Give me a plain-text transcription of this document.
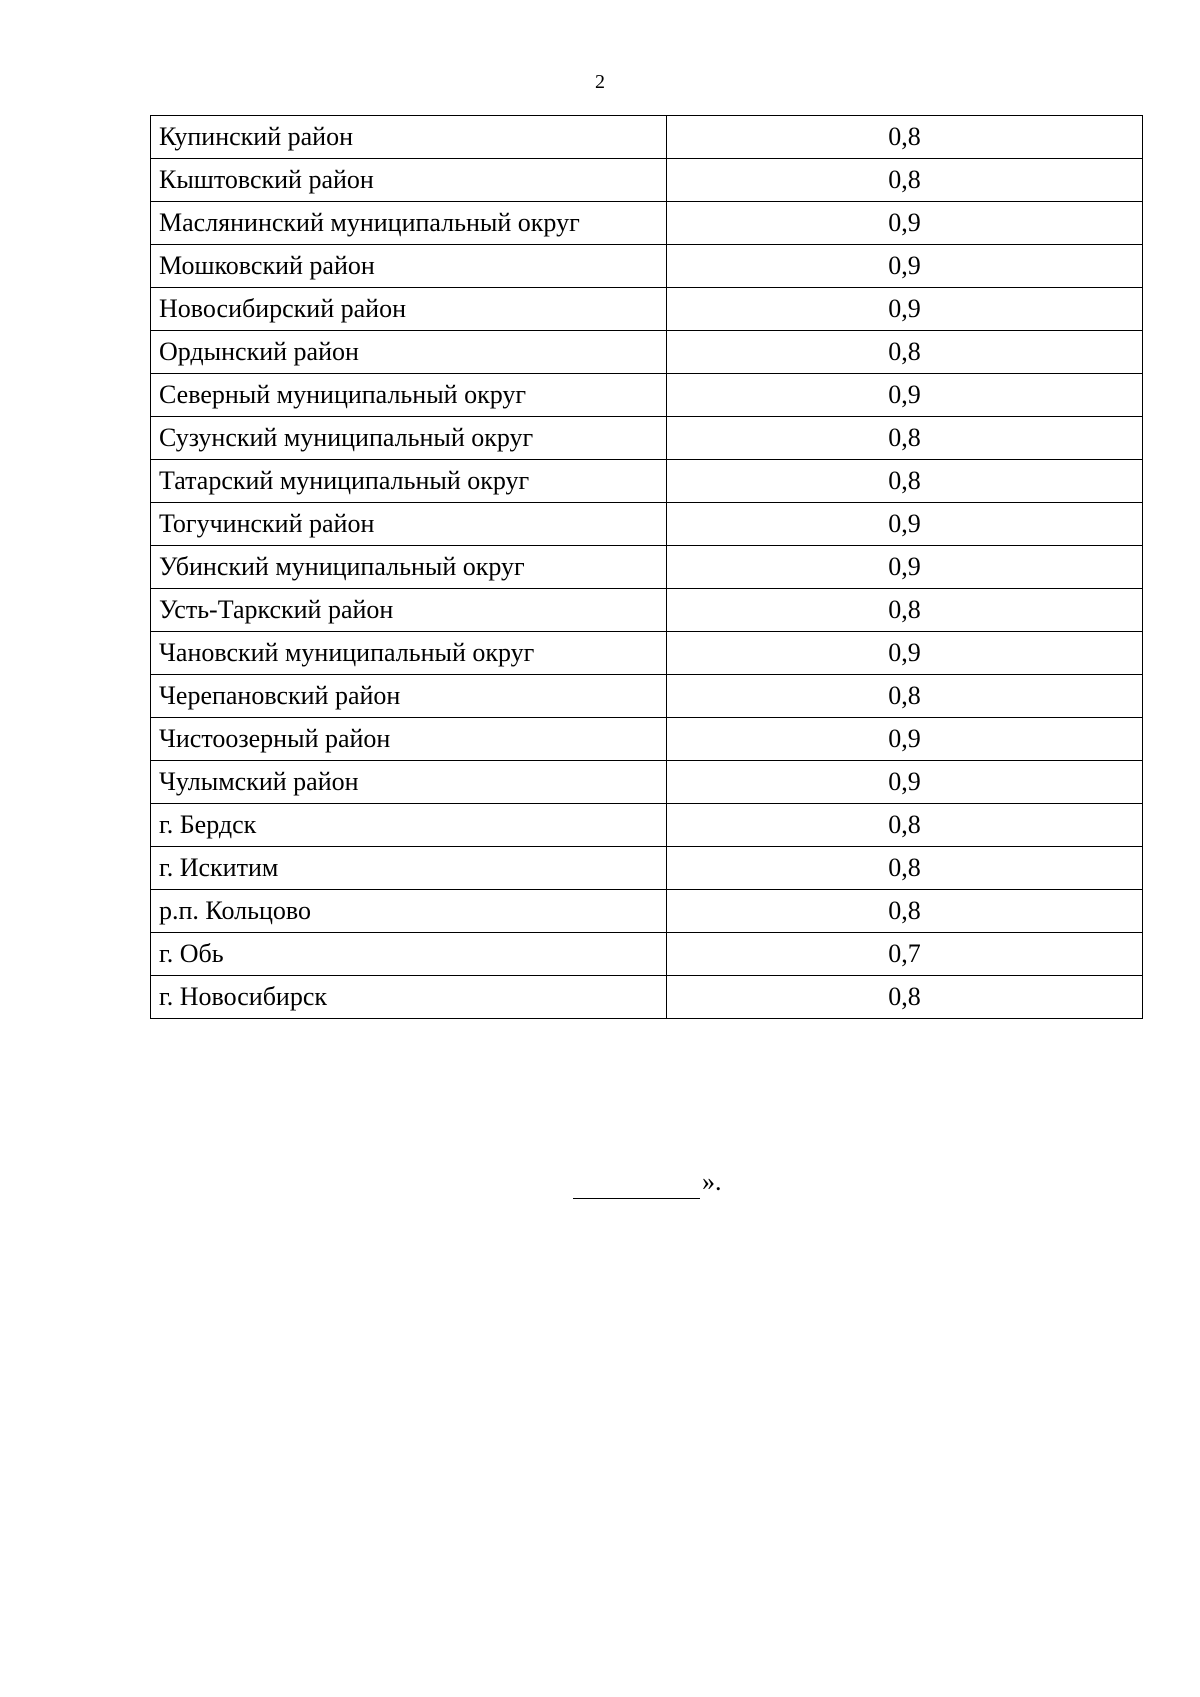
2
Купинский район	0,8
Кыштовский район	0,8
Маслянинский муниципальный округ	0,9
Мошковский район	0,9
Новосибирский район	0,9
Ордынский район	0,8
Северный муниципальный округ	0,9
Сузунский муниципальный округ	0,8
Татарский муниципальный округ	0,8
Тогучинский район	0,9
Убинский муниципальный округ	0,9
Усть-Таркский район	0,8
Чановский муниципальный округ	0,9
Черепановский район	0,8
Чистоозерный район	0,9
Чулымский район	0,9
г. Бердск	0,8
г. Искитим	0,8
р.п. Кольцово	0,8
г. Обь	0,7
г. Новосибирск	0,8
».
